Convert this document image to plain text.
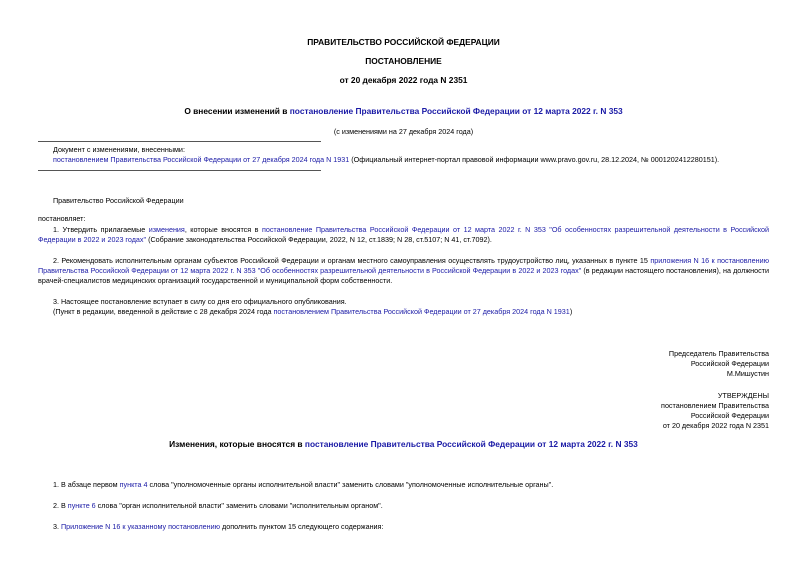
ПРАВИТЕЛЬСТВО РОССИЙСКОЙ ФЕДЕРАЦИИ
ПОСТАНОВЛЕНИЕ
от 20 декабря 2022 года N 2351
О внесении изменений в постановление Правительства Российской Федерации от 12 марта 2022 г. N 353
(с изменениями на 27 декабря 2024 года)
Документ с изменениями, внесенными:
постановлением Правительства Российской Федерации от 27 декабря 2024 года N 1931 (Официальный интернет-портал правовой информации www.pravo.gov.ru, 28.12.2024, № 0001202412280151).
Правительство Российской Федерации
постановляет:
1. Утвердить прилагаемые изменения, которые вносятся в постановление Правительства Российской Федерации от 12 марта 2022 г. N 353 "Об особенностях разрешительной деятельности в Российской Федерации в 2022 и 2023 годах" (Собрание законодательства Российской Федерации, 2022, N 12, ст.1839; N 28, ст.5107; N 41, ст.7092).
2. Рекомендовать исполнительным органам субъектов Российской Федерации и органам местного самоуправления осуществлять трудоустройство лиц, указанных в пункте 15 приложения N 16 к постановлению Правительства Российской Федерации от 12 марта 2022 г. N 353 "Об особенностях разрешительной деятельности в Российской Федерации в 2022 и 2023 годах" (в редакции настоящего постановления), на должности врачей-специалистов медицинских организаций государственной и муниципальной форм собственности.
3. Настоящее постановление вступает в силу со дня его официального опубликования.
(Пункт в редакции, введенной в действие с 28 декабря 2024 года постановлением Правительства Российской Федерации от 27 декабря 2024 года N 1931)
Председатель Правительства
Российской Федерации
М.Мишустин
УТВЕРЖДЕНЫ
постановлением Правительства
Российской Федерации
от 20 декабря 2022 года N 2351
Изменения, которые вносятся в постановление Правительства Российской Федерации от 12 марта 2022 г. N 353
1. В абзаце первом пункта 4 слова "уполномоченные органы исполнительной власти" заменить словами "уполномоченные исполнительные органы".
2. В пункте 6 слова "орган исполнительной власти" заменить словами "исполнительным органом".
3. Приложение N 16 к указанному постановлению дополнить пунктом 15 следующего содержания:
